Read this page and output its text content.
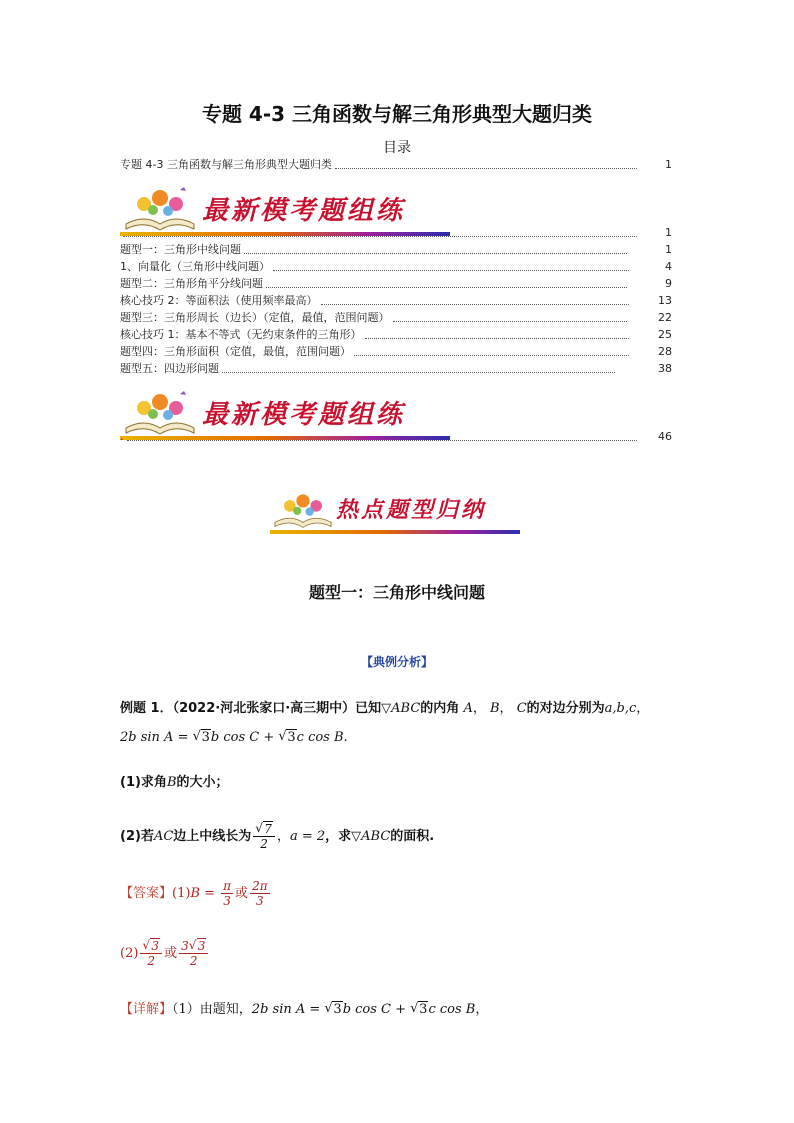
专题 4-3 三角函数与解三角形典型大题归类
目录
专题 4-3 三角函数与解三角形典型大题归类	1
最新模考题组练
1
题型一：三角形中线问题	1
1、向量化（三角形中线问题）	4
题型二：三角形角平分线问题	9
核心技巧 2：等面积法（使用频率最高）	13
题型三：三角形周长（边长）（定值，最值，范围问题）	22
核心技巧 1：基本不等式（无约束条件的三角形）	25
题型四：三角形面积（定值，最值，范围问题）	28
题型五：四边形问题	38
最新模考题组练
.	46
热点题型归纳
题型一：三角形中线问题
【典例分析】
例题 1．（2022·河北张家口·高三期中）已知▽ABC的内角 A， B， C的对边分别为a,b,c，
2b sin A = √ 3b cos C + √ 3c cos B.
(1)求角B的大小；
(2)若AC边上中线长为 √ $\frac{7}{2}$ ，a = 2，求▽ABC的面积.
【答案】$(1)B = \frac{\pi}{3}$ 或 $\frac{2\pi}{3}$
(2) √ $\frac{3}{2}$ 或 $\frac{3 √ 3}{2}$
【详解】（1）由题知，2b sin A = √ 3b cos C + √ 3c cos B，
